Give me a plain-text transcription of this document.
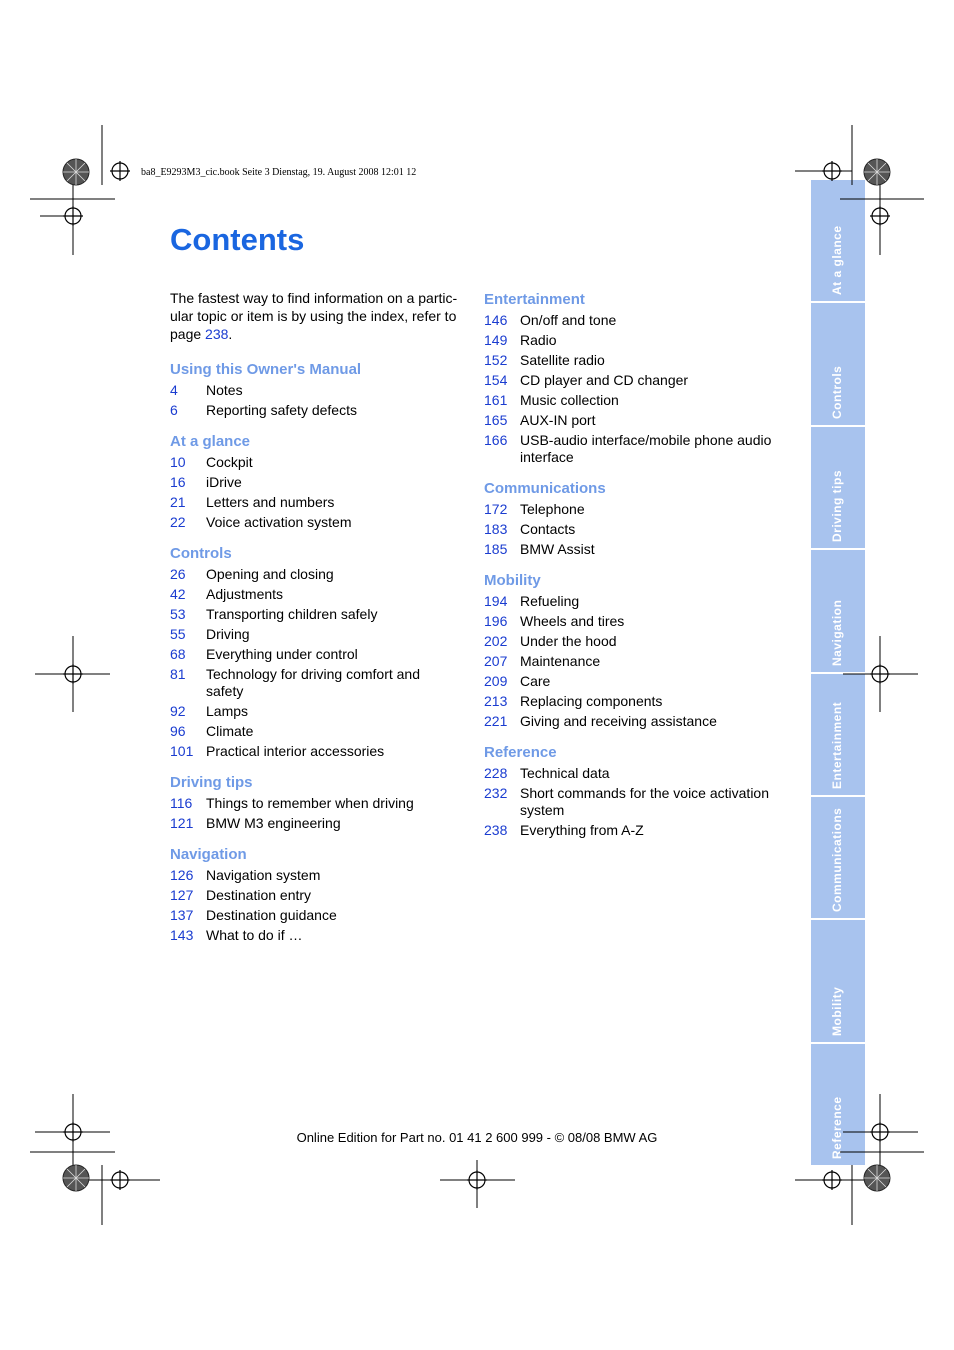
ba8_E9293M3_cic.book Seite 3 Dienstag, 19. August 2008 12:01 12
Contents
The fastest way to find information on a partic-ular topic or item is by using the index, refer to page 238.
Using this Owner's Manual
4	Notes
6	Reporting safety defects
At a glance
10	Cockpit
16	iDrive
21	Letters and numbers
22	Voice activation system
Controls
26	Opening and closing
42	Adjustments
53	Transporting children safely
55	Driving
68	Everything under control
81	Technology for driving comfort and safety
92	Lamps
96	Climate
101 Practical interior accessories
Driving tips
116 Things to remember when driving
121 BMW M3 engineering
Navigation
126 Navigation system
127 Destination entry
137 Destination guidance
143 What to do if …
Entertainment
146 On/off and tone
149 Radio
152 Satellite radio
154 CD player and CD changer
161 Music collection
165 AUX-IN port
166 USB-audio interface/mobile phone audio interface
Communications
172 Telephone
183 Contacts
185 BMW Assist
Mobility
194 Refueling
196 Wheels and tires
202 Under the hood
207 Maintenance
209 Care
213 Replacing components
221 Giving and receiving assistance
Reference
228 Technical data
232 Short commands for the voice activation system
238 Everything from A-Z
At a glance
Controls
Driving tips
Navigation
Entertainment
Communications
Mobility
Reference
Online Edition for Part no. 01 41 2 600 999 - © 08/08 BMW AG
